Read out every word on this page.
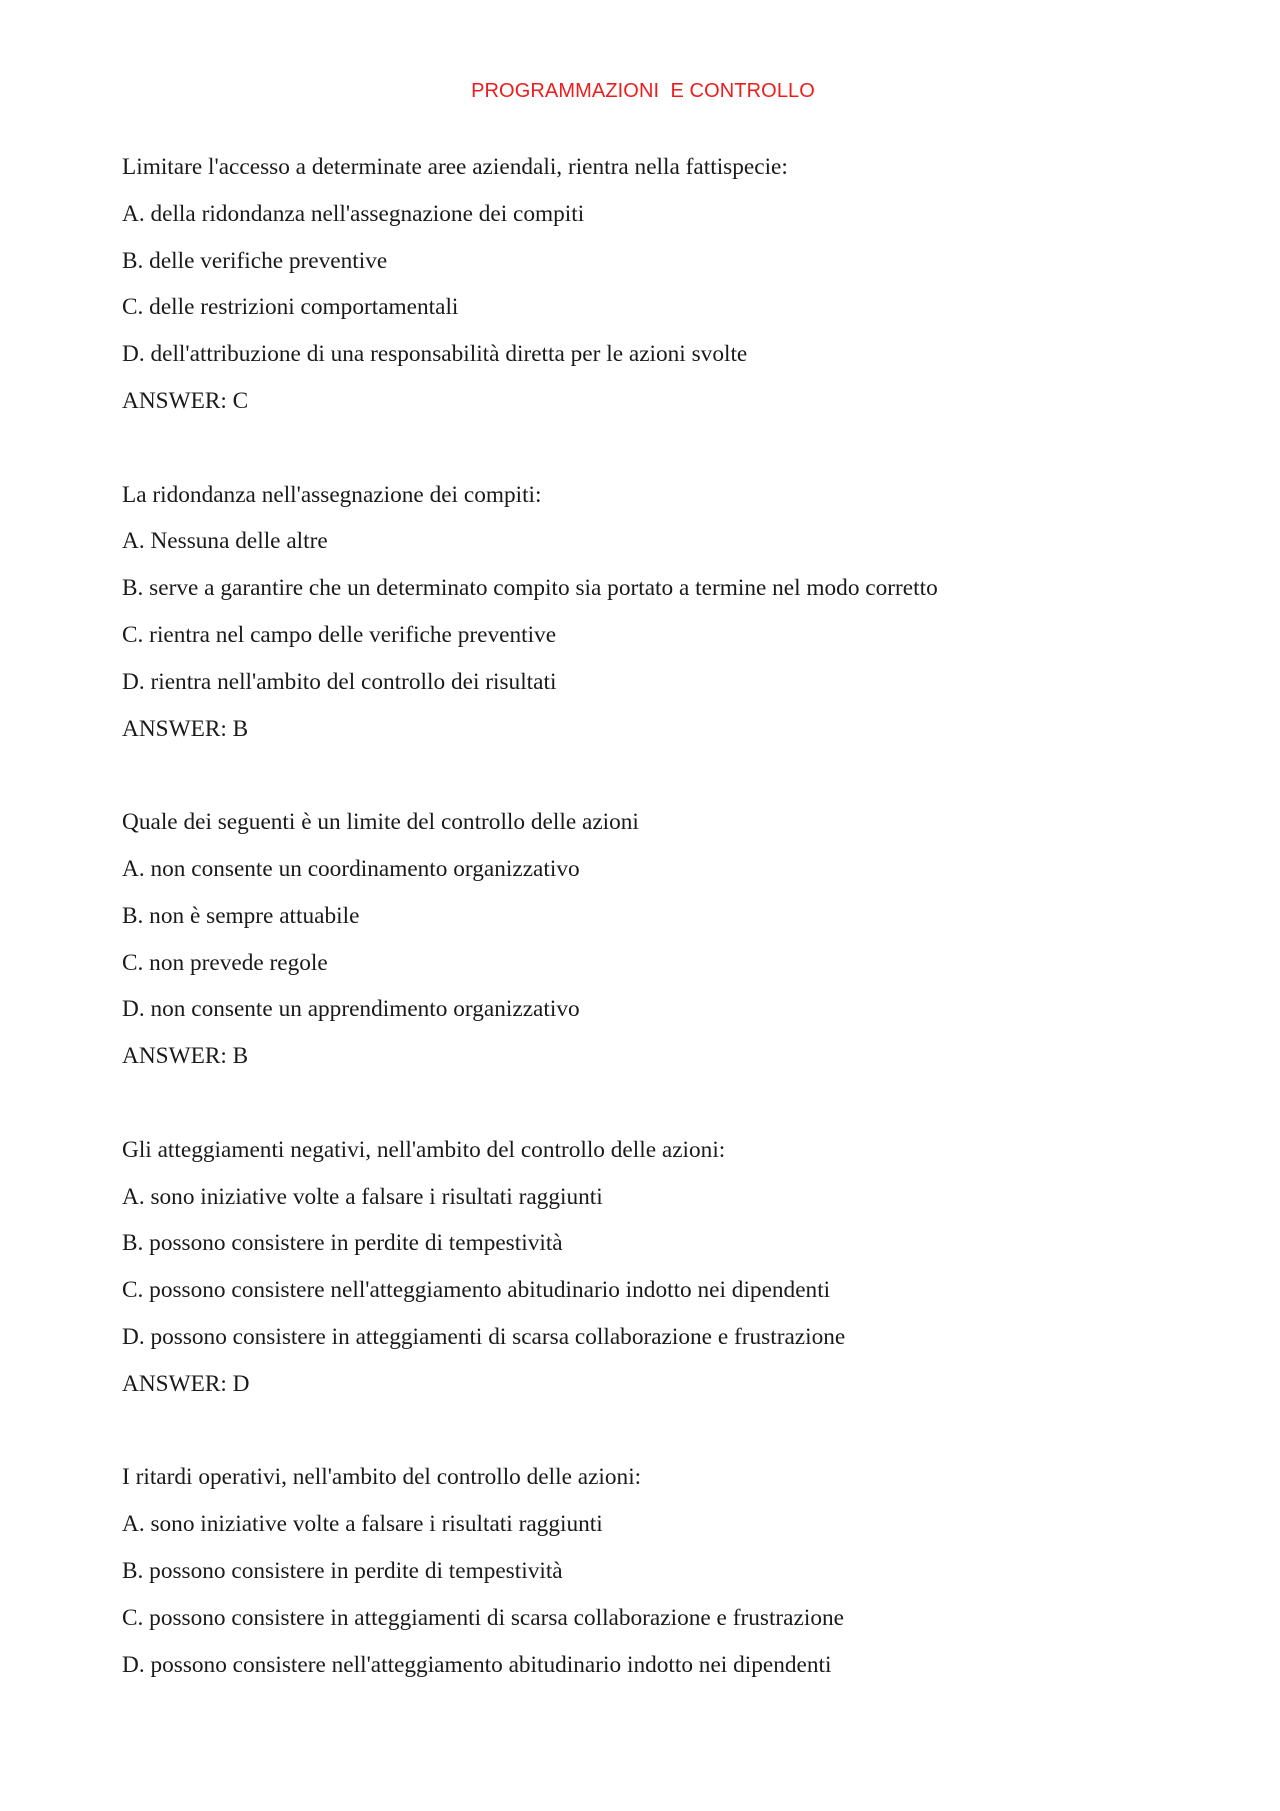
PROGRAMMAZIONI  E CONTROLLO
Limitare l'accesso a determinate aree aziendali, rientra nella fattispecie:
A. della ridondanza nell'assegnazione dei compiti
B. delle verifiche preventive
C. delle restrizioni comportamentali
D. dell'attribuzione di una responsabilità diretta per le azioni svolte
ANSWER: C
La ridondanza nell'assegnazione dei compiti:
A. Nessuna delle altre
B. serve a garantire che un determinato compito sia portato a termine nel modo corretto
C. rientra nel campo delle verifiche preventive
D. rientra nell'ambito del controllo dei risultati
ANSWER: B
Quale dei seguenti è un limite del controllo delle azioni
A. non consente un coordinamento organizzativo
B. non è sempre attuabile
C. non prevede regole
D. non consente un apprendimento organizzativo
ANSWER: B
Gli atteggiamenti negativi, nell'ambito del controllo delle azioni:
A. sono iniziative volte a falsare i risultati raggiunti
B. possono consistere in perdite di tempestività
C. possono consistere nell'atteggiamento abitudinario indotto nei dipendenti
D. possono consistere in atteggiamenti di scarsa collaborazione e frustrazione
ANSWER: D
I ritardi operativi, nell'ambito del controllo delle azioni:
A. sono iniziative volte a falsare i risultati raggiunti
B. possono consistere in perdite di tempestività
C. possono consistere in atteggiamenti di scarsa collaborazione e frustrazione
D. possono consistere nell'atteggiamento abitudinario indotto nei dipendenti
